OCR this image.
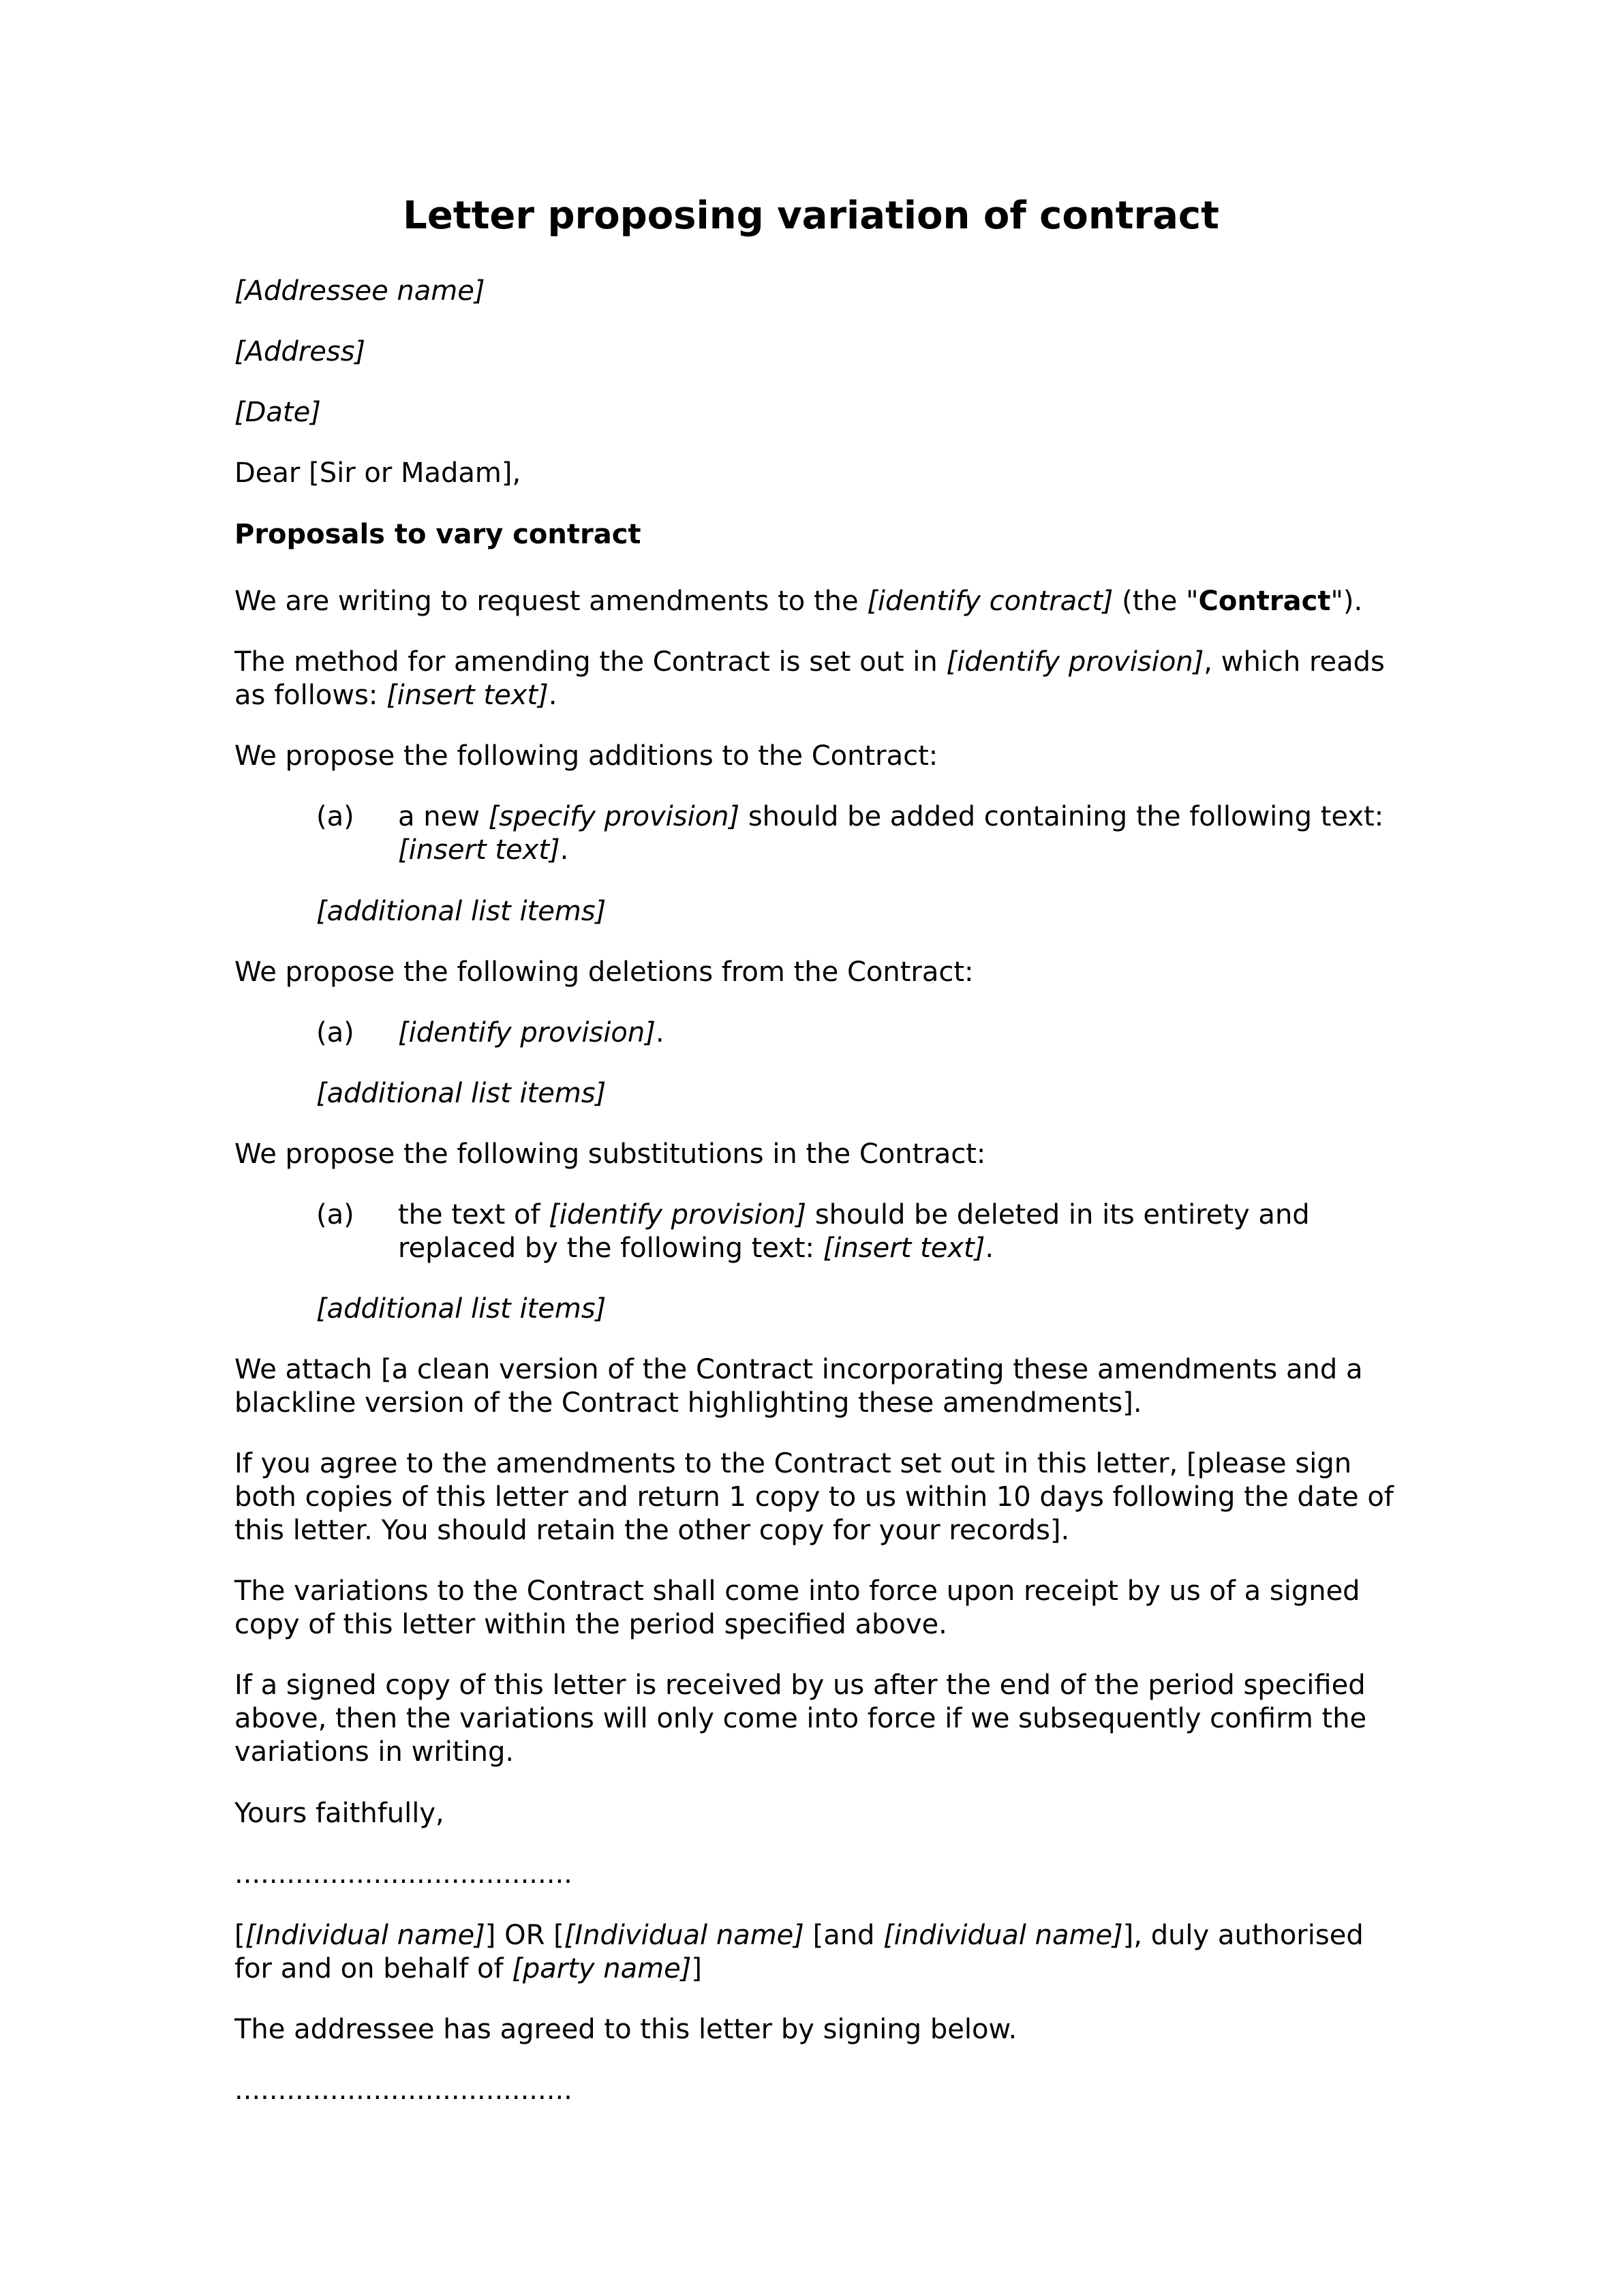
Letter proposing variation of contract

[Addressee name]

[Address]

[Date]

Dear [Sir or Madam],

Proposals to vary contract

We are writing to request amendments to the [identify contract] (the "Contract").

The method for amending the Contract is set out in [identify provision], which reads as follows: [insert text].

We propose the following additions to the Contract:

(a) a new [specify provision] should be added containing the following text: [insert text].

[additional list items]

We propose the following deletions from the Contract:

(a) [identify provision].

[additional list items]

We propose the following substitutions in the Contract:

(a) the text of [identify provision] should be deleted in its entirety and replaced by the following text: [insert text].

[additional list items]

We attach [a clean version of the Contract incorporating these amendments and a blackline version of the Contract highlighting these amendments].

If you agree to the amendments to the Contract set out in this letter, [please sign both copies of this letter and return 1 copy to us within 10 days following the date of this letter. You should retain the other copy for your records].

The variations to the Contract shall come into force upon receipt by us of a signed copy of this letter within the period specified above.

If a signed copy of this letter is received by us after the end of the period specified above, then the variations will only come into force if we subsequently confirm the variations in writing.

Yours faithfully,

.......................................

[[Individual name]] OR [[Individual name] [and [individual name]], duly authorised for and on behalf of [party name]]

The addressee has agreed to this letter by signing below.

.......................................
